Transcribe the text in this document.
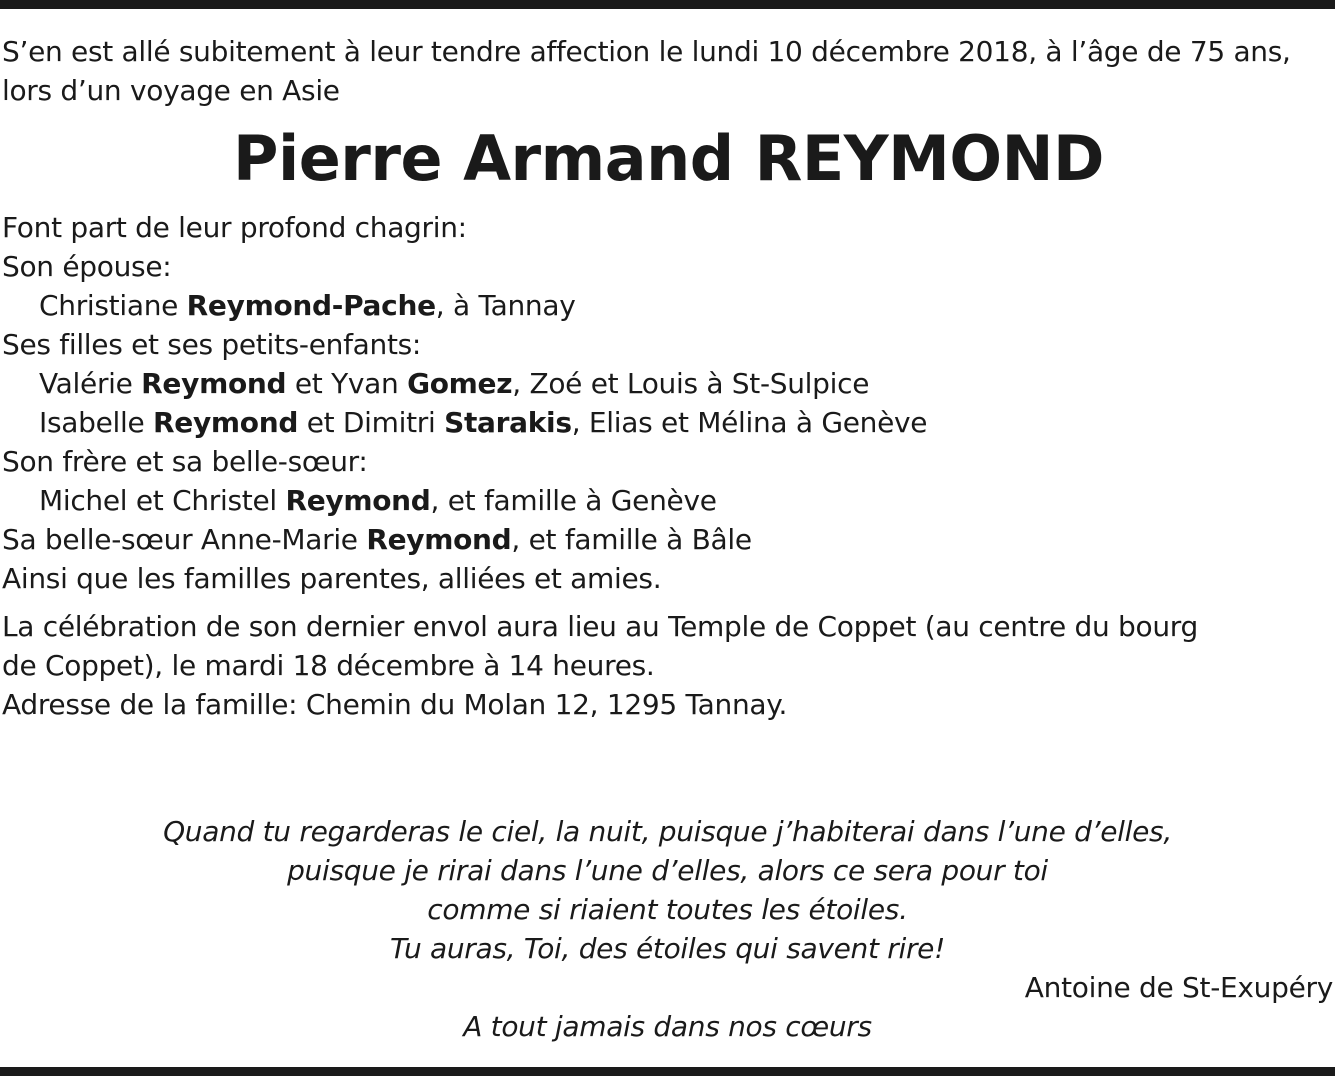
S’en est allé subitement à leur tendre affection le lundi 10 décembre 2018, à l’âge de 75 ans,

lors d’un voyage en Asie

Pierre Armand REYMOND

Font part de leur profond chagrin:

Son épouse:

Christiane Reymond-Pache, à Tannay

Ses filles et ses petits-enfants:

Valérie Reymond et Yvan Gomez, Zoé et Louis à St-Sulpice

Isabelle Reymond et Dimitri Starakis, Elias et Mélina à Genève

Son frère et sa belle-sœur:

Michel et Christel Reymond, et famille à Genève

Sa belle-sœur Anne-Marie Reymond, et famille à Bâle

Ainsi que les familles parentes, alliées et amies.

La célébration de son dernier envol aura lieu au Temple de Coppet (au centre du bourg

de Coppet), le mardi 18 décembre à 14 heures.

Adresse de la famille: Chemin du Molan 12, 1295 Tannay.

Quand tu regarderas le ciel, la nuit, puisque j’habiterai dans l’une d’elles,
puisque je rirai dans l’une d’elles, alors ce sera pour toi
comme si riaient toutes les étoiles.
Tu auras, Toi, des étoiles qui savent rire!
Antoine de St-Exupéry
A tout jamais dans nos cœurs
